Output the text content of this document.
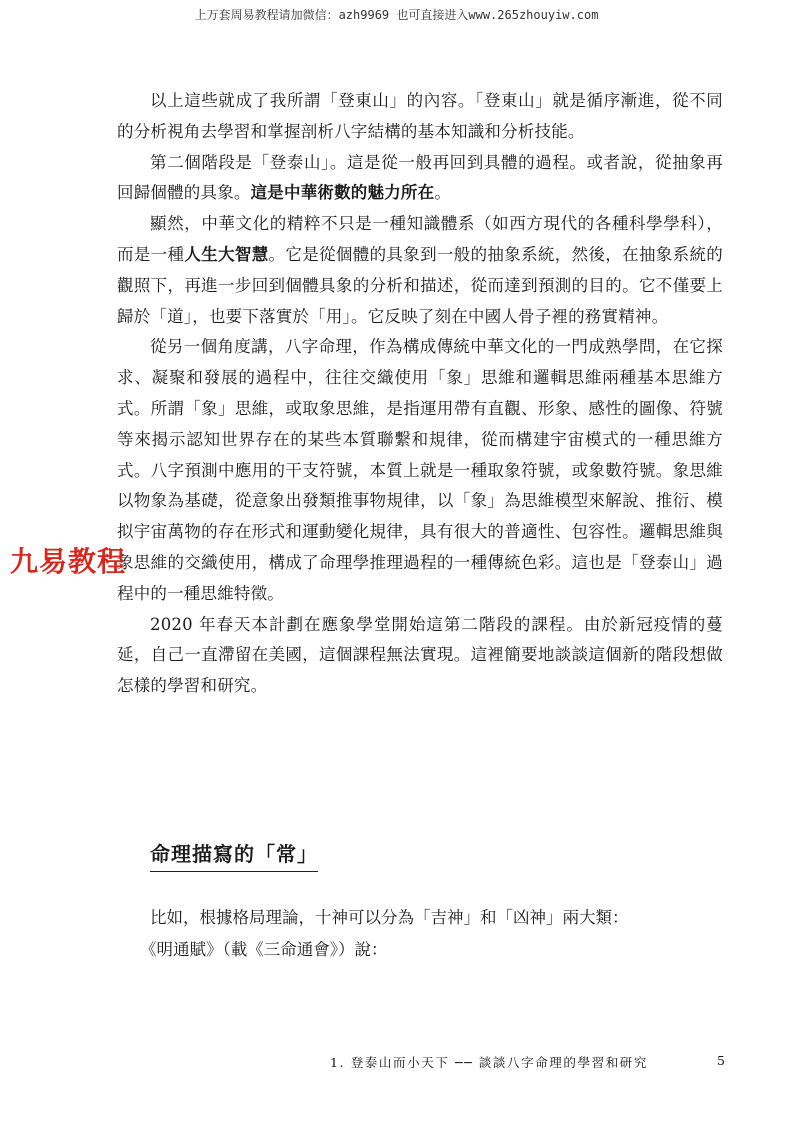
上万套周易教程请加微信：azh9969 也可直接进入www.265zhouyiw.com

以上這些就成了我所謂「登東山」的內容。「登東山」就是循序漸進，從不同的分析視角去學習和掌握剖析八字結構的基本知識和分析技能。

第二個階段是「登泰山」。這是從一般再回到具體的過程。或者說，從抽象再回歸個體的具象。這是中華術數的魅力所在。

顯然，中華文化的精粹不只是一種知識體系（如西方現代的各種科學學科），而是一種人生大智慧。它是從個體的具象到一般的抽象系統，然後，在抽象系統的觀照下，再進一步回到個體具象的分析和描述，從而達到預測的目的。它不僅要上歸於「道」，也要下落實於「用」。它反映了刻在中國人骨子裡的務實精神。

從另一個角度講，八字命理，作為構成傳統中華文化的一門成熟學問，在它探求、凝聚和發展的過程中，往往交織使用「象」思維和邏輯思維兩種基本思維方式。所謂「象」思維，或取象思維，是指運用帶有直觀、形象、感性的圖像、符號等來揭示認知世界存在的某些本質聯繫和規律，從而構建宇宙模式的一種思維方式。八字預測中應用的干支符號，本質上就是一種取象符號，或象數符號。象思維以物象為基礎，從意象出發類推事物規律，以「象」為思維模型來解說、推衍、模拟宇宙萬物的存在形式和運動變化規律，具有很大的普適性、包容性。邏輯思維與象思維的交織使用，構成了命理學推理過程的一種傳統色彩。這也是「登泰山」過程中的一種思維特徵。

2020 年春天本計劃在應象學堂開始這第二階段的課程。由於新冠疫情的蔓延，自己一直滯留在美國，這個課程無法實現。這裡簡要地談談這個新的階段想做怎樣的學習和研究。

命理描寫的「常」

比如，根據格局理論，十神可以分為「吉神」和「凶神」兩大類：

《明通賦》（載《三命通會》）說：

九易教程
1. 登泰山而小天下 ── 談談八字命理的學習和研究	5
